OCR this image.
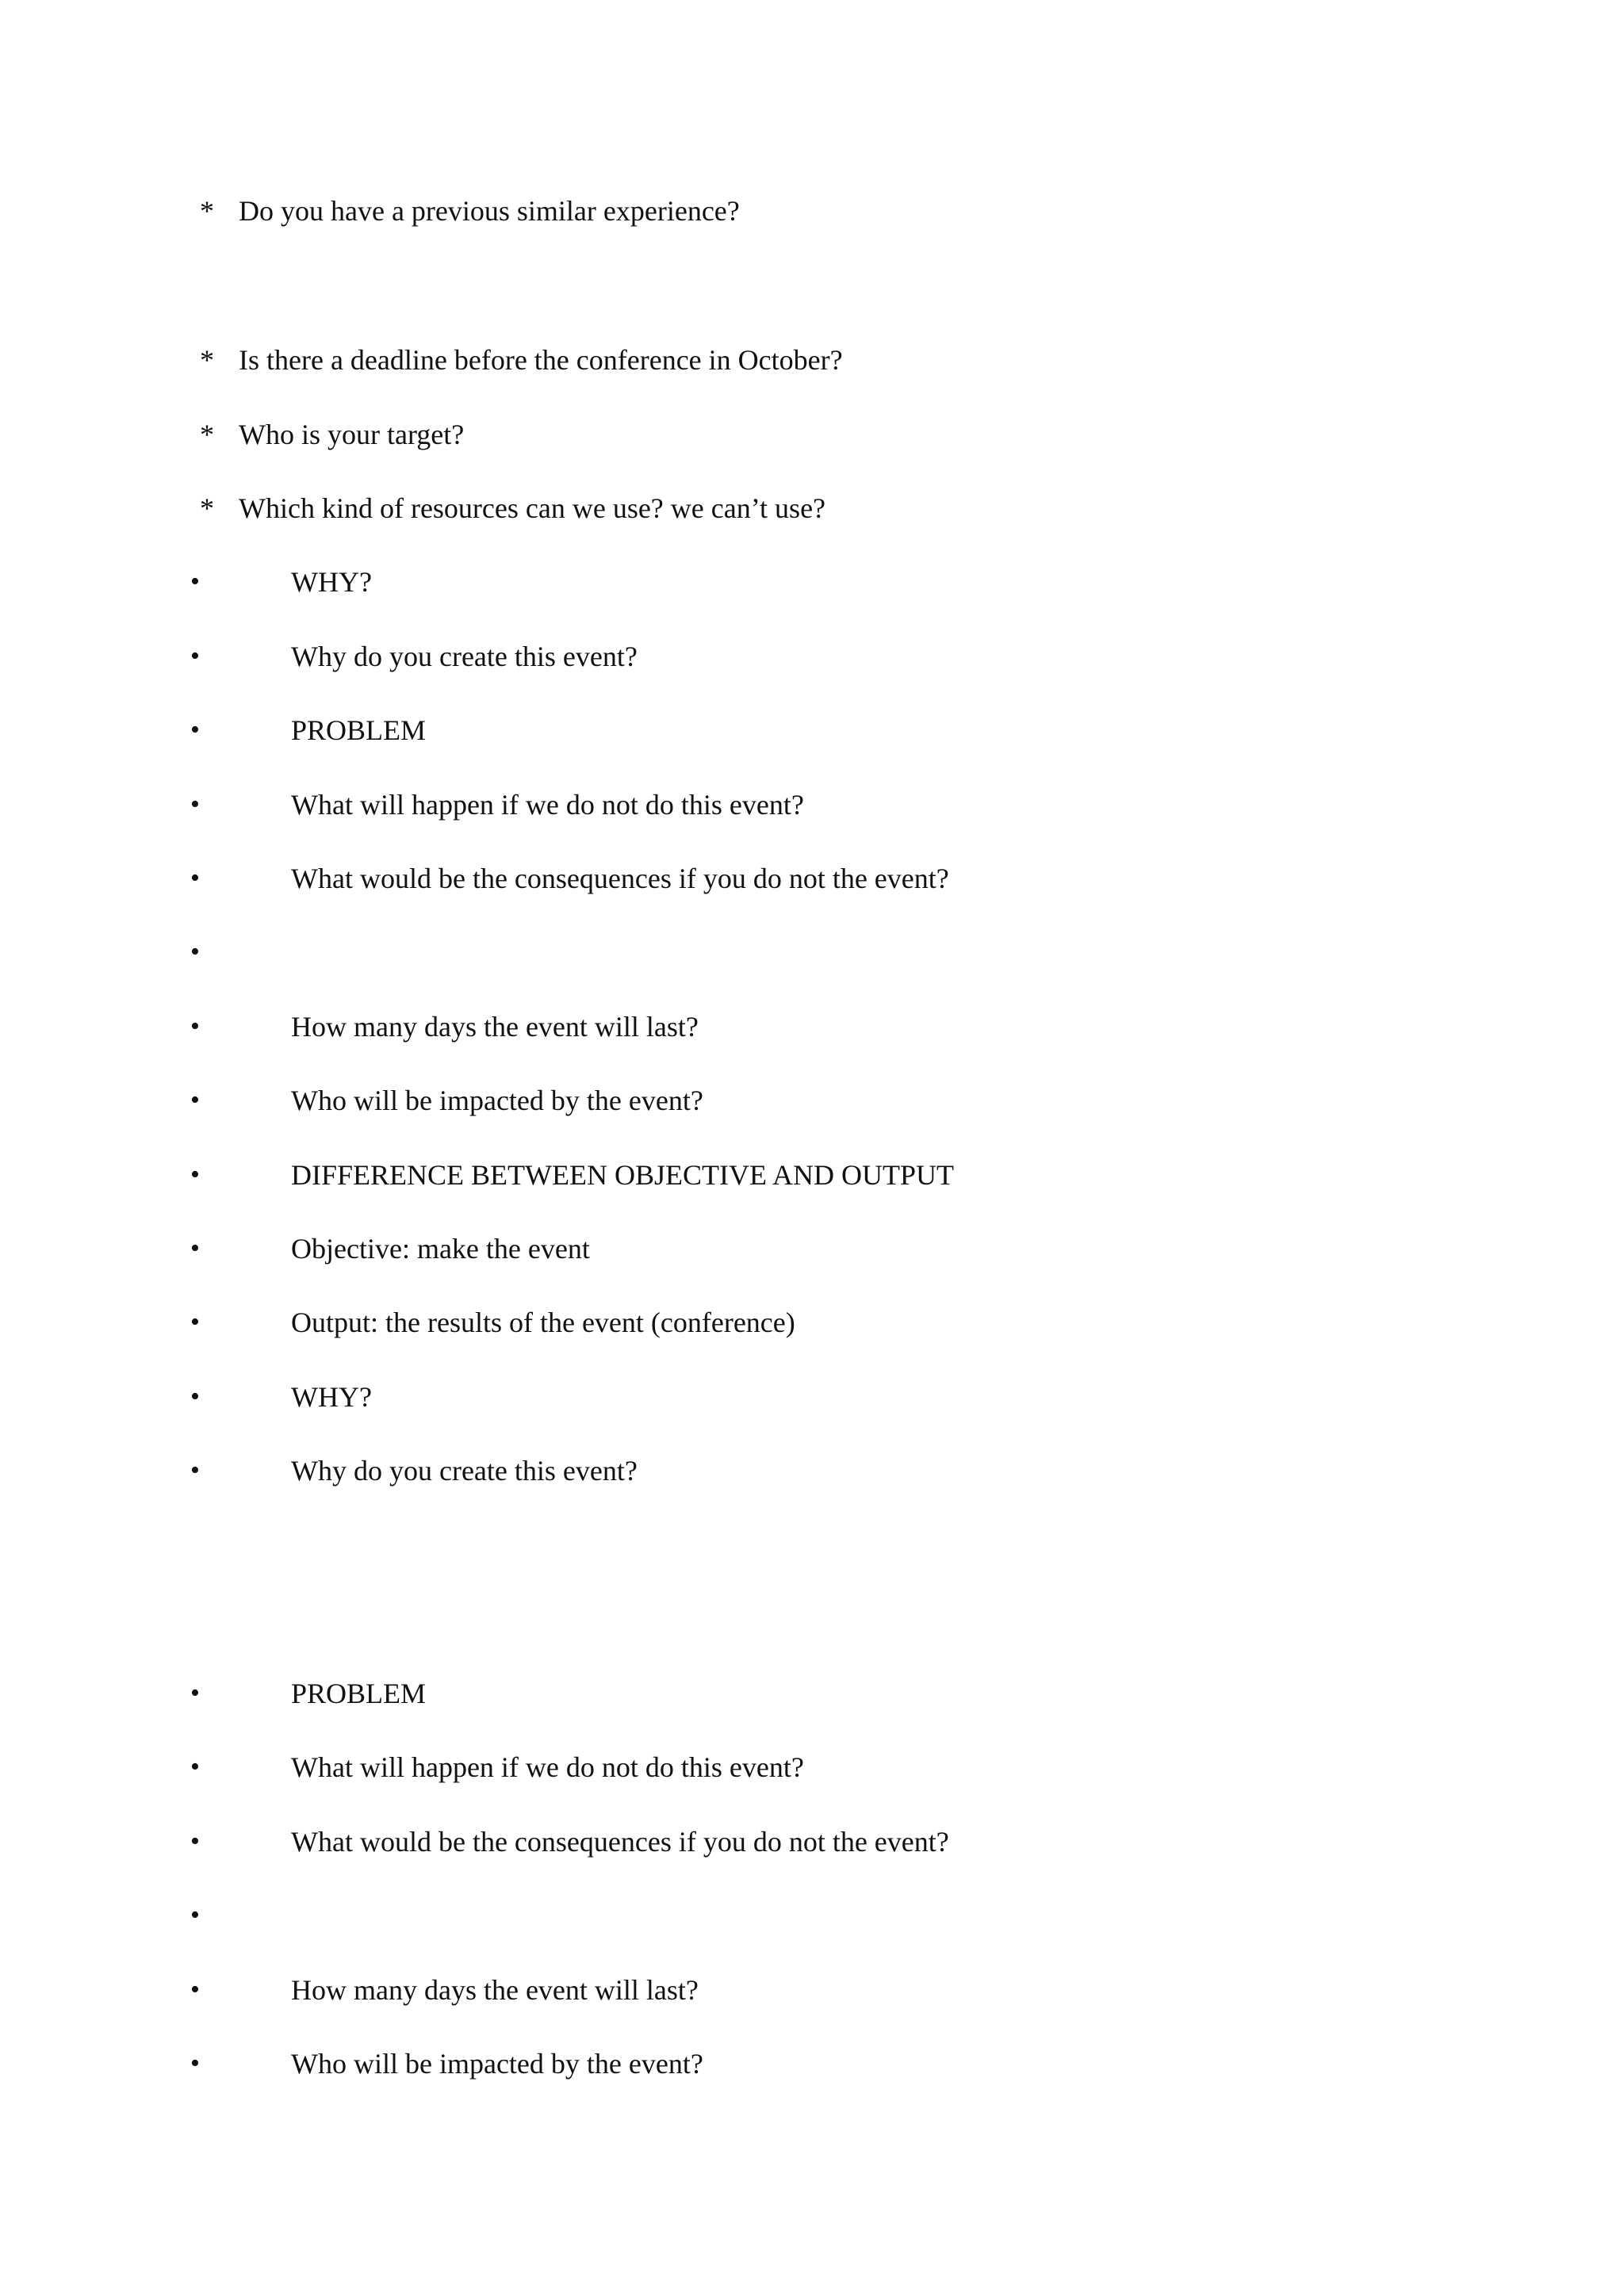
* Do you have a previous similar experience?
* Is there a deadline before the conference in October?
* Who is your target?
* Which kind of resources can we use? we can’t use?
•	WHY?
•	Why do you create this event?
•	PROBLEM
•	What will happen if we do not do this event?
•	What would be the consequences if you do not the event?
•
•	How many days the event will last?
•	Who will be impacted by the event?
•	DIFFERENCE BETWEEN OBJECTIVE AND OUTPUT
•	Objective: make the event
•	Output: the results of the event (conference)
•	WHY?
•	Why do you create this event?
•	PROBLEM
•	What will happen if we do not do this event?
•	What would be the consequences if you do not the event?
•
•	How many days the event will last?
•	Who will be impacted by the event?
